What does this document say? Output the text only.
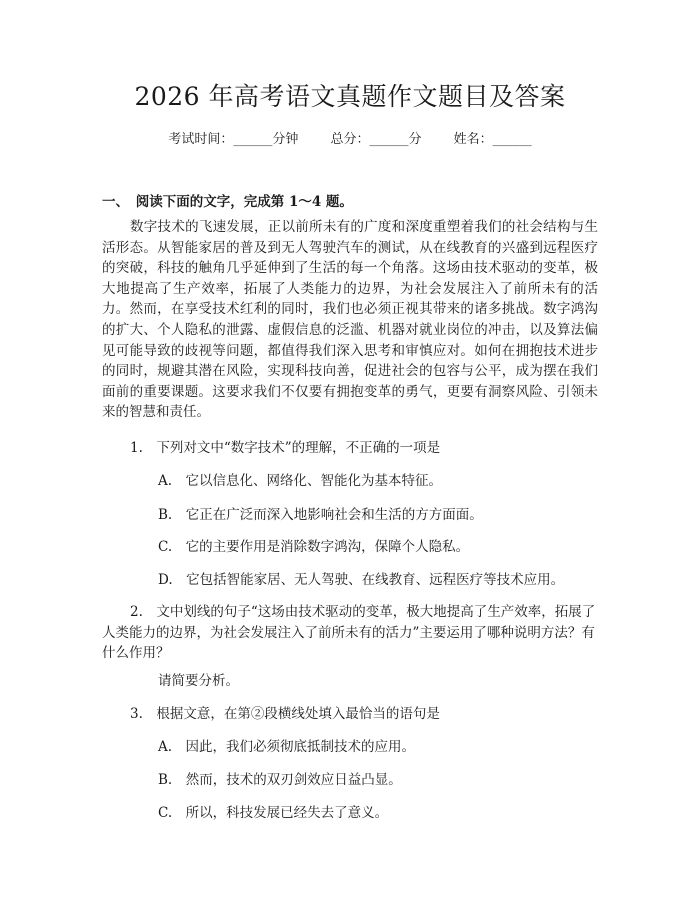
2026 年高考语文真题作文题目及答案
考试时间：______分钟 总分：______分 姓名：______
一、　阅读下面的文字，完成第 1～4 题。

数字技术的飞速发展，正以前所未有的广度和深度重塑着我们的社会结构与生活形态。从智能家居的普及到无人驾驶汽车的测试，从在线教育的兴盛到远程医疗的突破，科技的触角几乎延伸到了生活的每一个角落。这场由技术驱动的变革，极大地提高了生产效率，拓展了人类能力的边界，为社会发展注入了前所未有的活力。然而，在享受技术红利的同时，我们也必须正视其带来的诸多挑战。数字鸿沟的扩大、个人隐私的泄露、虚假信息的泛滥、机器对就业岗位的冲击，以及算法偏见可能导致的歧视等问题，都值得我们深入思考和审慎应对。如何在拥抱技术进步的同时，规避其潜在风险，实现科技向善，促进社会的包容与公平，成为摆在我们面前的重要课题。这要求我们不仅要有拥抱变革的勇气，更要有洞察风险、引领未来的智慧和责任。

1.　下列对文中“数字技术”的理解，不正确的一项是

A.　它以信息化、网络化、智能化为基本特征。

B.　它正在广泛而深入地影响社会和生活的方方面面。

C.　它的主要作用是消除数字鸿沟，保障个人隐私。

D.　它包括智能家居、无人驾驶、在线教育、远程医疗等技术应用。

2.　文中划线的句子“这场由技术驱动的变革，极大地提高了生产效率，拓展了人类能力的边界，为社会发展注入了前所未有的活力”主要运用了哪种说明方法？有什么作用？

请简要分析。

3.　根据文意，在第②段横线处填入最恰当的语句是

A.　因此，我们必须彻底抵制技术的应用。

B.　然而，技术的双刃剑效应日益凸显。

C.　所以，科技发展已经失去了意义。
